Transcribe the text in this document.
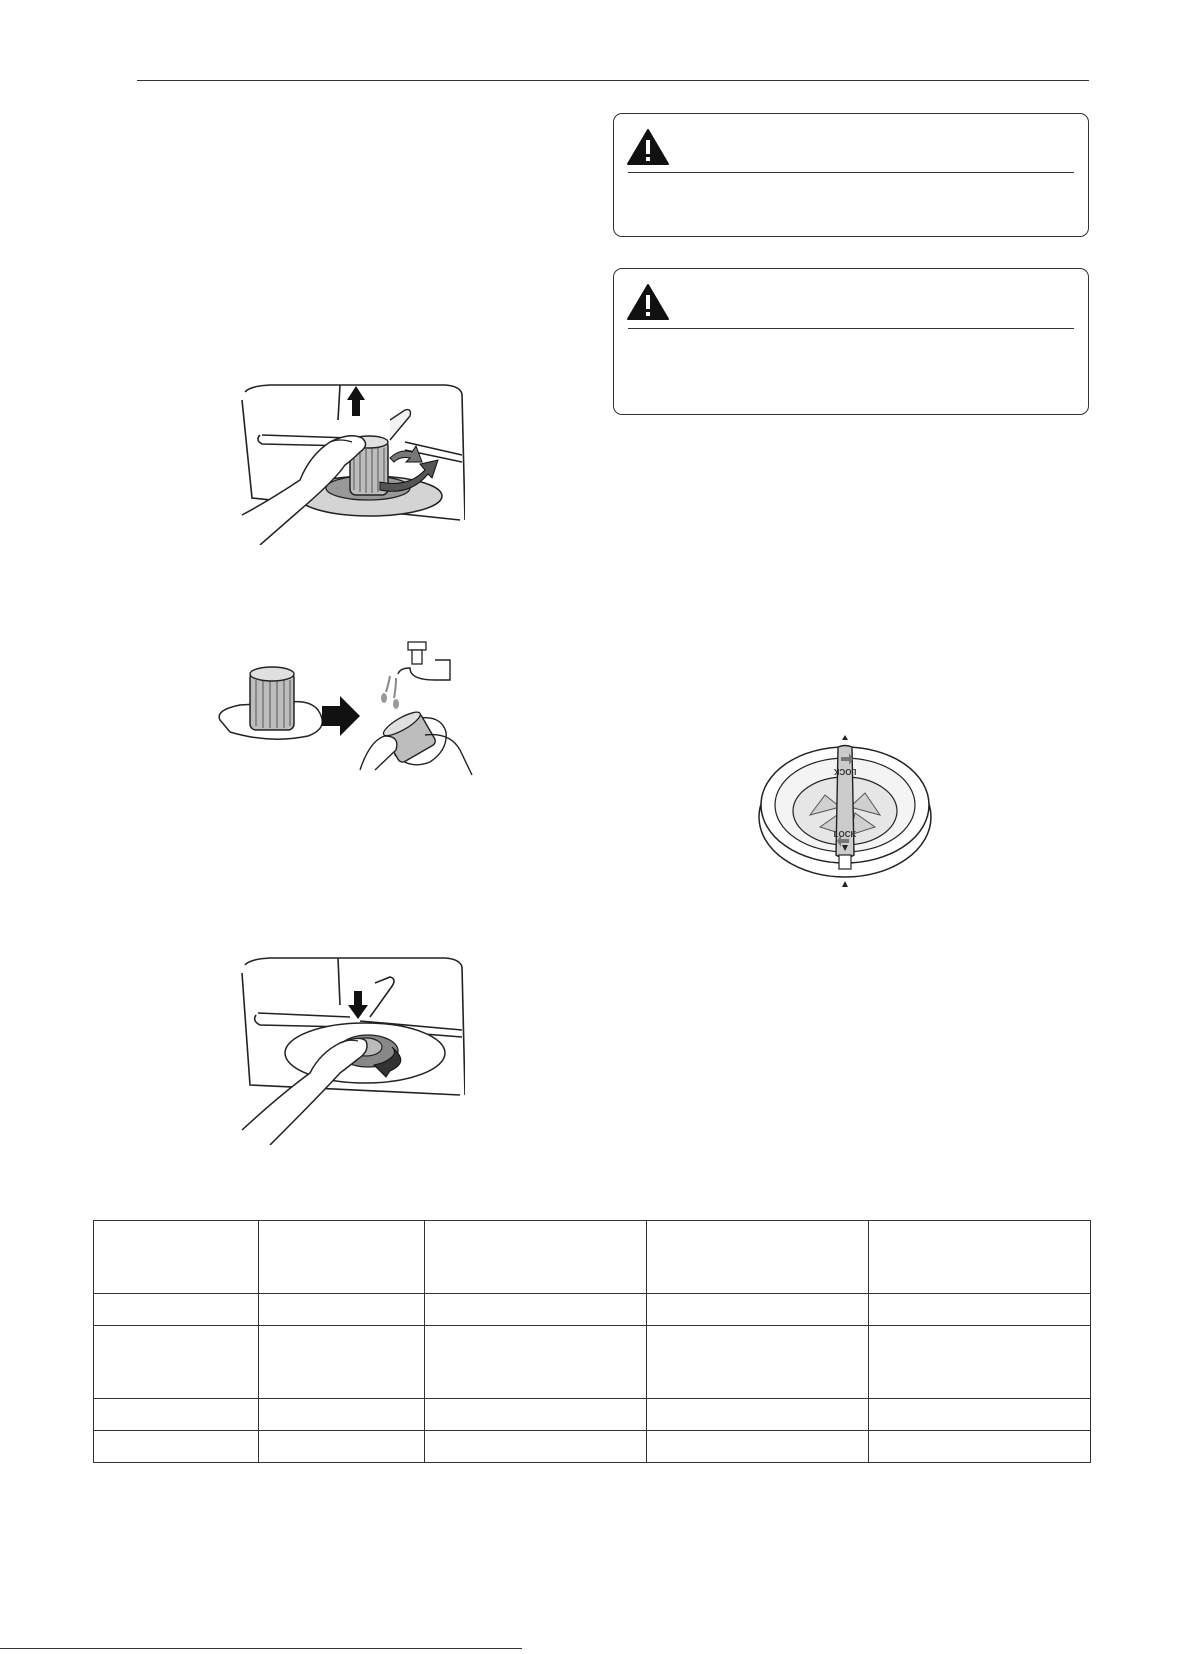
LOCK
LOCK
